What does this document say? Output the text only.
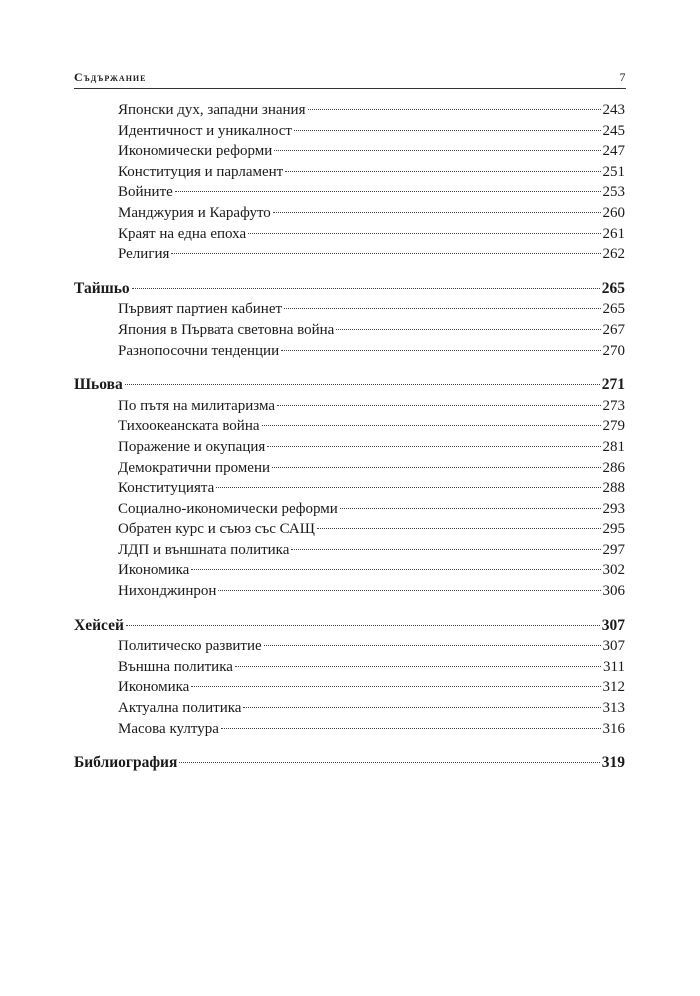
Съдържание	7
Японски дух, западни знания	243
Идентичност и уникалност	245
Икономически реформи	247
Конституция и парламент	251
Войните	253
Манджурия и Карафуто	260
Краят на една епоха	261
Религия	262
Тайшьо	265
Първият партиен кабинет	265
Япония в Първата световна война	267
Разнопосочни тенденции	270
Шьова	271
По пътя на милитаризма	273
Тихоокеанската война	279
Поражение и окупация	281
Демократични промени	286
Конституцията	288
Социално-икономически реформи	293
Обратен курс и съюз със САЩ	295
ЛДП и външната политика	297
Икономика	302
Нихонджинрон	306
Хейсей	307
Политическо развитие	307
Външна политика	311
Икономика	312
Актуална политика	313
Масова култура	316
Библиография	319
